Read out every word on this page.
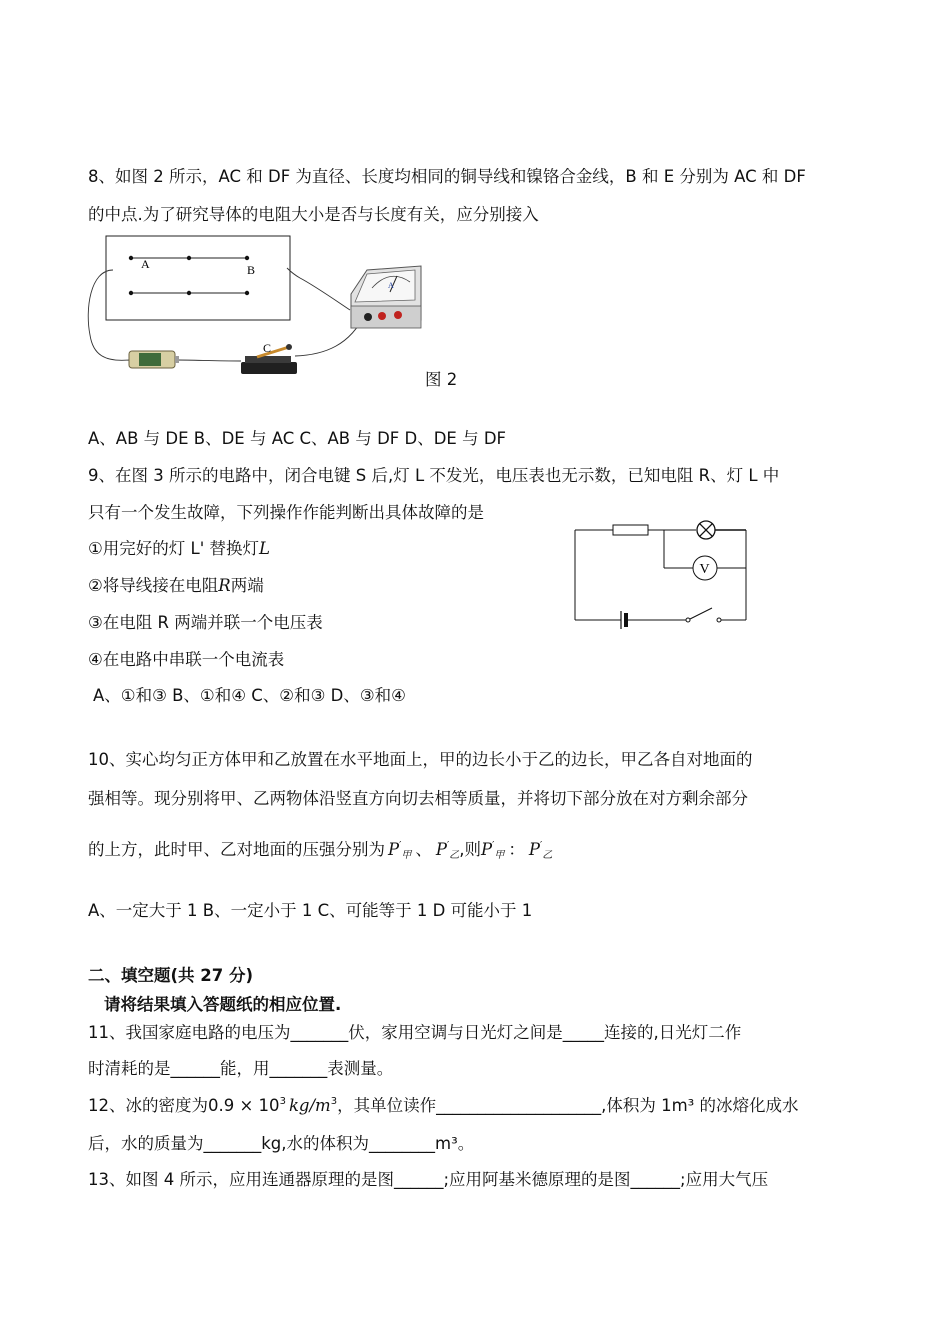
8、如图 2 所示，AC 和 DF 为直径、长度均相同的铜导线和镍铬合金线，B 和 E 分别为 AC 和 DF
的中点.为了研究导体的电阻大小是否与长度有关，应分别接入
A	B
C
A
图 2
A、AB 与 DE B、DE 与 AC C、AB 与 DF D、DE 与 DF
9、在图 3 所示的电路中，闭合电键 S 后,灯 L 不发光，电压表也无示数，已知电阻 R、灯 L 中
只有一个发生故障，下列操作作能判断出具体故障的是
①用完好的灯 L' 替换灯L
②将导线接在电阻R两端
③在电阻 R 两端并联一个电压表
④在电路中串联一个电流表
A、①和③ B、①和④ C、②和③ D、③和④
V
10、实心均匀正方体甲和乙放置在水平地面上，甲的边长小于乙的边长，甲乙各自对地面的
强相等。现分别将甲、乙两物体沿竖直方向切去相等质量，并将切下部分放在对方剩余部分
的上方，此时甲、乙对地面的压强分别为 $P'_甲$ 、 $P'_乙$,则$P'_甲$ ： $P'_乙$
A、一定大于 1 B、一定小于 1 C、可能等于 1 D 可能小于 1
二、填空题(共 27 分)
请将结果填入答题纸的相应位置.
11、我国家庭电路的电压为_______伏，家用空调与日光灯之间是_____连接的,日光灯二作
时清耗的是______能，用_______表测量。
12、冰的密度为$0.9 \times 10^3$ $kg/m^3$，其单位读作____________________,体积为 1m³ 的冰熔化成水
后，水的质量为_______kg,水的体积为________m³。
13、如图 4 所示，应用连通器原理的是图______;应用阿基米德原理的是图______;应用大气压
